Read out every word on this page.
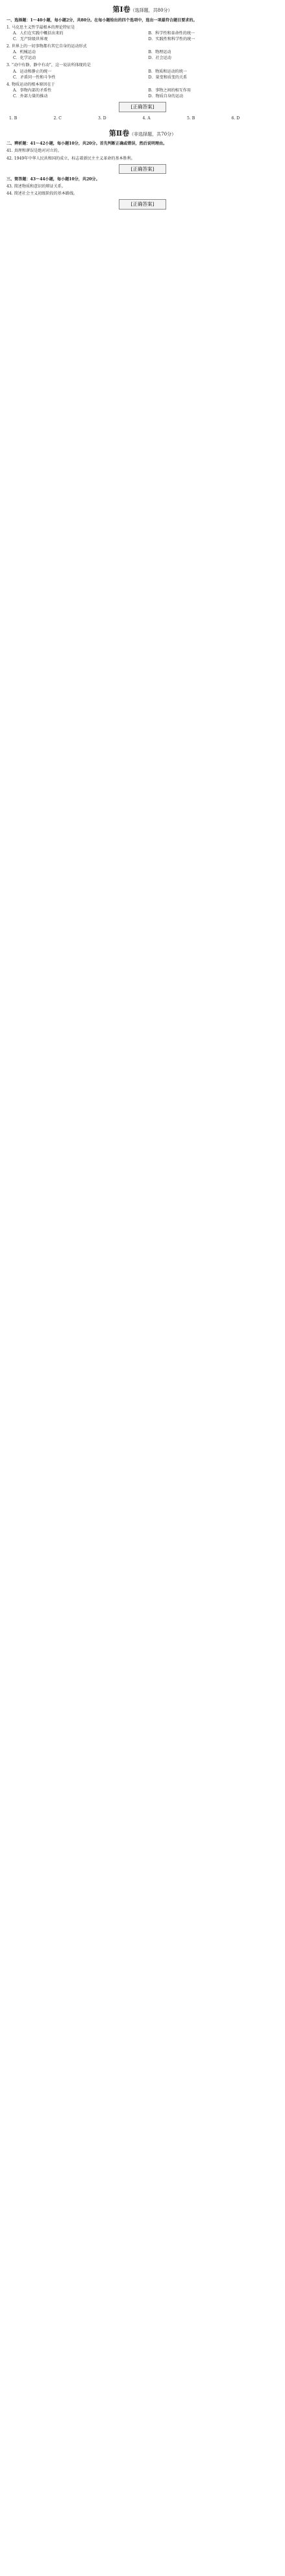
第Ⅰ卷（选择题，共80分）
一、选择题：1～40小题，每小题2分，共80分。在每小题给出的四个选项中，选出一项最符合题目要求的。
1. 马克思主义哲学最根本的理论特征是
A．人们在实践中概括出来的	B．科学性和革命性的统一
C．无产阶级世界观	D．实践性和科学性的统一
2. 世界上的一切事物都有其它自身的运动形式
A．机械运动	B．物理运动
C．化学运动	D．社会运动
3. “动中有静，静中有动”，这一说法所体现的是
A．运动和静止的统一	B．物质和运动的统一
C．矛盾同一性和斗争性	D．量变和质变的关系
4. 物质运动的根本原因在于
A．事物内部的矛盾性	B．事物之间的相互作用
C．外部力量的推动	D．物质自身的运动
[正确答案]
1. B	2. C	3. D	4. A	5. B	6. D
第Ⅱ卷（非选择题，共70分）
二、辨析题：41～42小题，每小题10分，共20分。首先判断正确或错误，然后说明理由。
41. 真理和谬误是绝对对立的。
42. 1949年中华人民共和国的成立，标志着新民主主义革命的基本胜利。
[正确答案]
三、简答题：43～44小题，每小题10分，共20分。
43. 简述物质和意识的辩证关系。
44. 简述社会主义初级阶段的基本路线。
[正确答案]
